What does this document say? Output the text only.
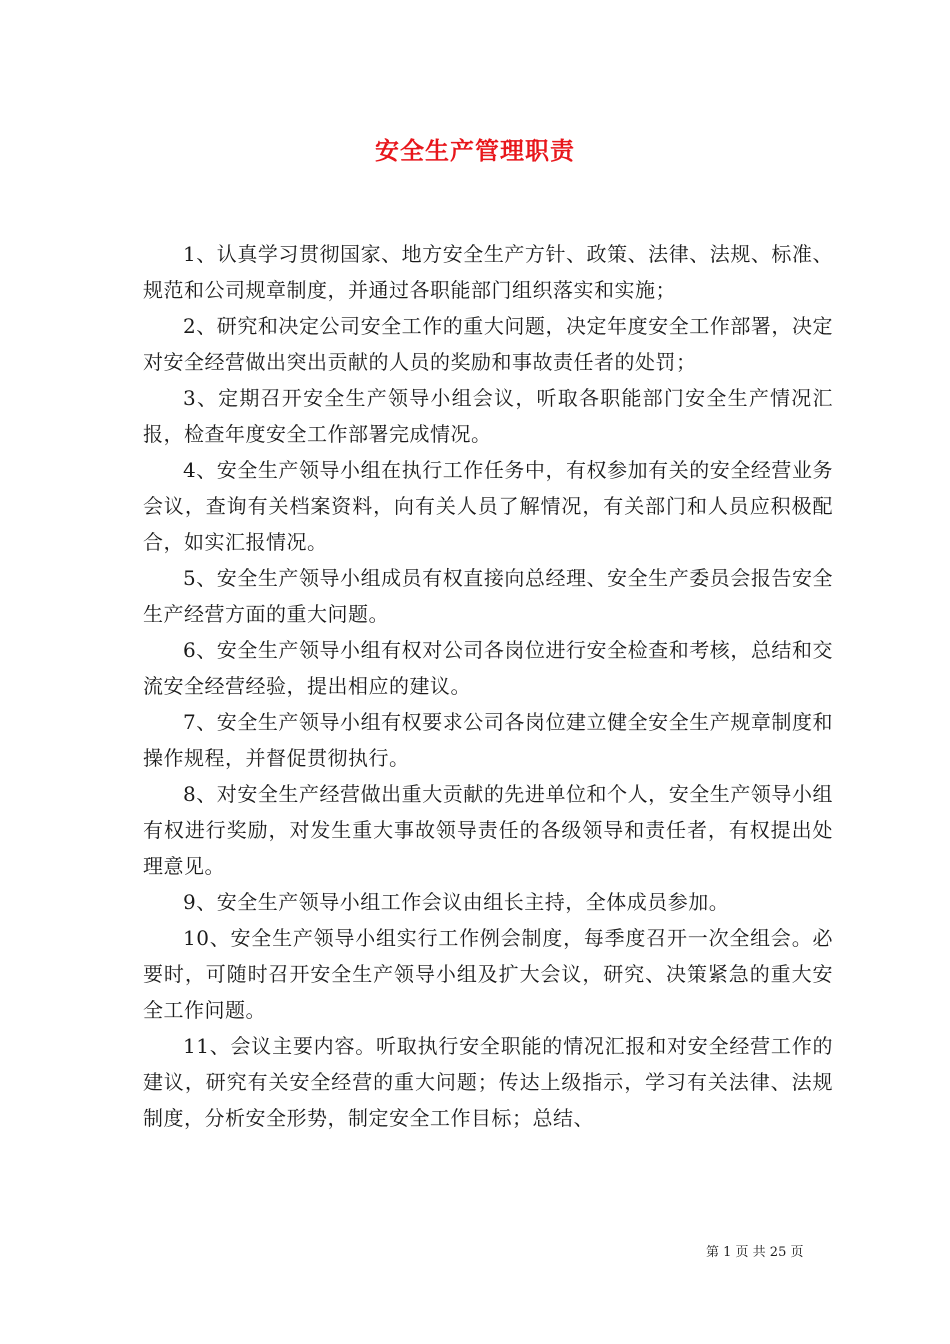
安全生产管理职责

1、认真学习贯彻国家、地方安全生产方针、政策、法律、法规、标准、规范和公司规章制度，并通过各职能部门组织落实和实施；

2、研究和决定公司安全工作的重大问题，决定年度安全工作部署，决定对安全经营做出突出贡献的人员的奖励和事故责任者的处罚；

3、定期召开安全生产领导小组会议，听取各职能部门安全生产情况汇报，检查年度安全工作部署完成情况。

4、安全生产领导小组在执行工作任务中，有权参加有关的安全经营业务会议，查询有关档案资料，向有关人员了解情况，有关部门和人员应积极配合，如实汇报情况。

5、安全生产领导小组成员有权直接向总经理、安全生产委员会报告安全生产经营方面的重大问题。

6、安全生产领导小组有权对公司各岗位进行安全检查和考核，总结和交流安全经营经验，提出相应的建议。

7、安全生产领导小组有权要求公司各岗位建立健全安全生产规章制度和操作规程，并督促贯彻执行。

8、对安全生产经营做出重大贡献的先进单位和个人，安全生产领导小组有权进行奖励，对发生重大事故领导责任的各级领导和责任者，有权提出处理意见。

9、安全生产领导小组工作会议由组长主持，全体成员参加。

10、安全生产领导小组实行工作例会制度，每季度召开一次全组会。必要时，可随时召开安全生产领导小组及扩大会议，研究、决策紧急的重大安全工作问题。

11、会议主要内容。听取执行安全职能的情况汇报和对安全经营工作的建议，研究有关安全经营的重大问题；传达上级指示，学习有关法律、法规制度，分析安全形势，制定安全工作目标；总结、

第 1 页 共 25 页
